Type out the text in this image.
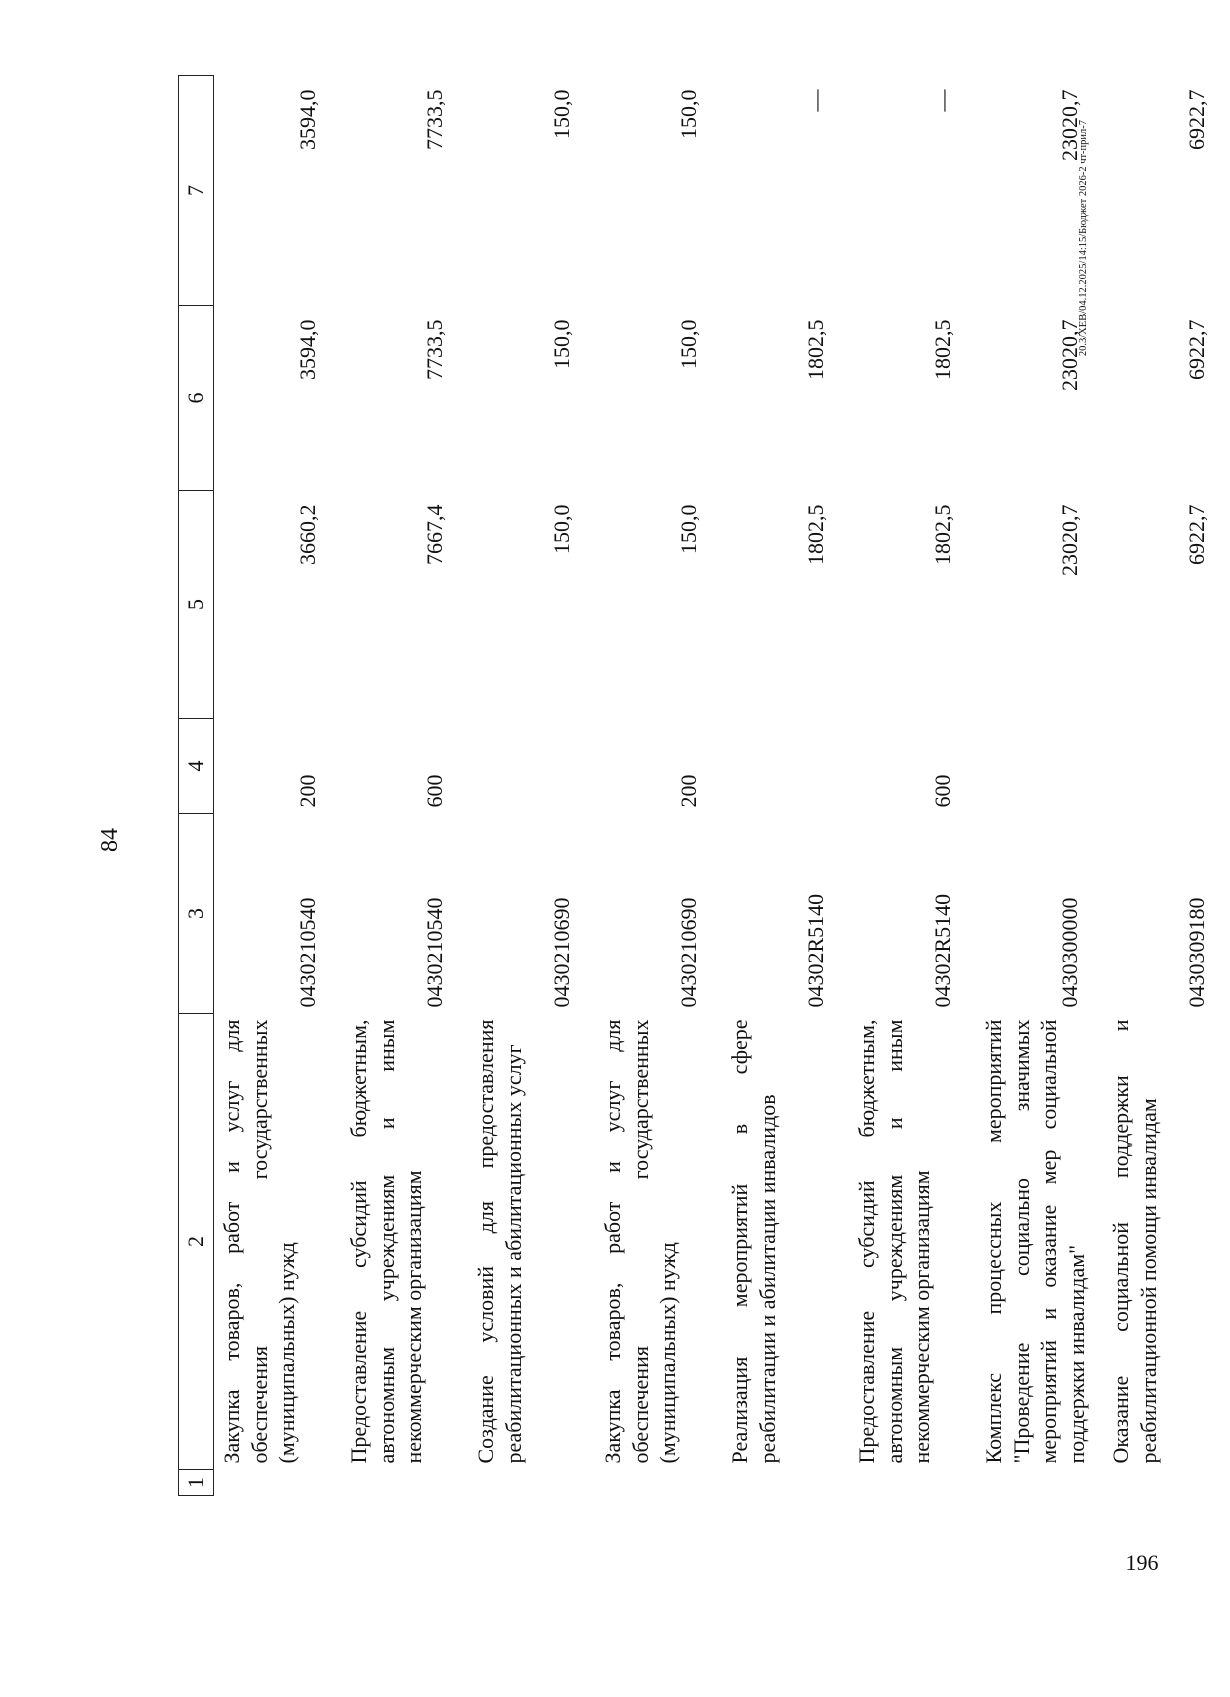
84
20.3/XEB/04.12.2025/14:15/Бюджет 2026-2 чт-прил-7
196
1	2	3	4	5	6	7
	Закупка товаров, работ и услуг для обеспечения государственных (муниципальных) нужд	0430210540	200	3660,2	3594,0	3594,0
	Предоставление субсидий бюджетным, автономным учреждениям и иным некоммерческим организациям	0430210540	600	7667,4	7733,5	7733,5
	Создание условий для предоставления реабилитационных и абилитационных услуг	0430210690		150,0	150,0	150,0
	Закупка товаров, работ и услуг для обеспечения государственных (муниципальных) нужд	0430210690	200	150,0	150,0	150,0
	Реализация мероприятий в сфере реабилитации и абилитации инвалидов	04302R5140		1802,5	1802,5	—
	Предоставление субсидий бюджетным, автономным учреждениям и иным некоммерческим организациям	04302R5140	600	1802,5	1802,5	—
	Комплекс процессных мероприятий "Проведение социально значимых мероприятий и оказание мер социальной поддержки инвалидам"	0430300000		23020,7	23020,7	23020,7
	Оказание социальной поддержки и реабилитационной помощи инвалидам	0430309180		6922,7	6922,7	6922,7
